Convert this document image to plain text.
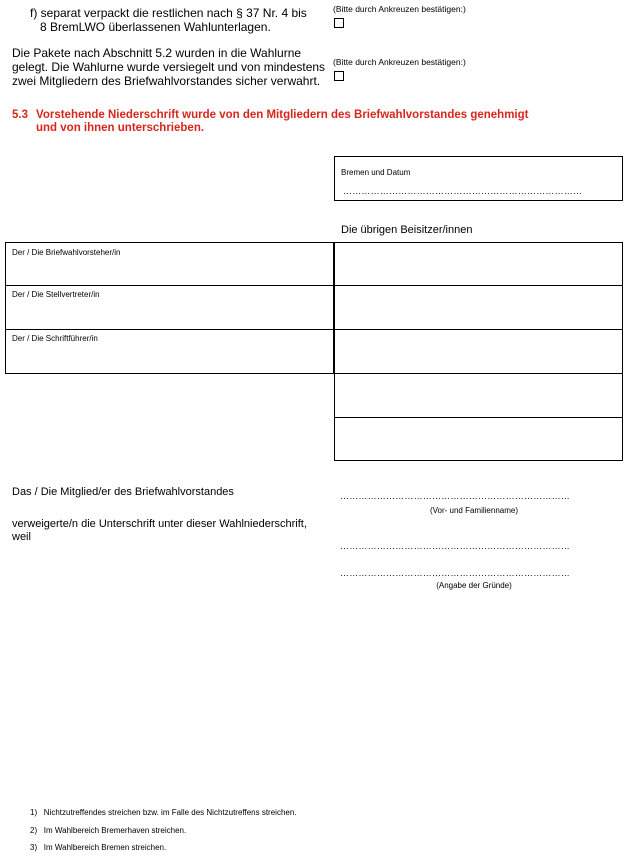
f) separat verpackt die restlichen nach § 37 Nr. 4 bis
8 BremLWO überlassenen Wahlunterlagen.
(Bitte durch Ankreuzen bestätigen:)
Die Pakete nach Abschnitt 5.2 wurden in die Wahlurne
gelegt. Die Wahlurne wurde versiegelt und von mindestens
zwei Mitgliedern des Briefwahlvorstandes sicher verwahrt.
(Bitte durch Ankreuzen bestätigen:)
5.3 Vorstehende Niederschrift wurde von den Mitgliedern des Briefwahlvorstandes genehmigt
und von ihnen unterschrieben.
Bremen und Datum
……………………………………………………………………
Die übrigen Beisitzer/innen
Der / Die Briefwahlvorsteher/in
Der / Die Stellvertreter/in
Der / Die Schriftführer/in
Das / Die Mitglied/er des Briefwahlvorstandes
verweigerte/n die Unterschrift unter dieser Wahlniederschrift,
weil
…………………………………………………………………
(Vor- und Familienname)
…………………………………………………………………
…………………………………………………………………
(Angabe der Gründe)
1) Nichtzutreffendes streichen bzw. im Falle des Nichtzutreffens streichen.
2) Im Wahlbereich Bremerhaven streichen.
3) Im Wahlbereich Bremen streichen.
